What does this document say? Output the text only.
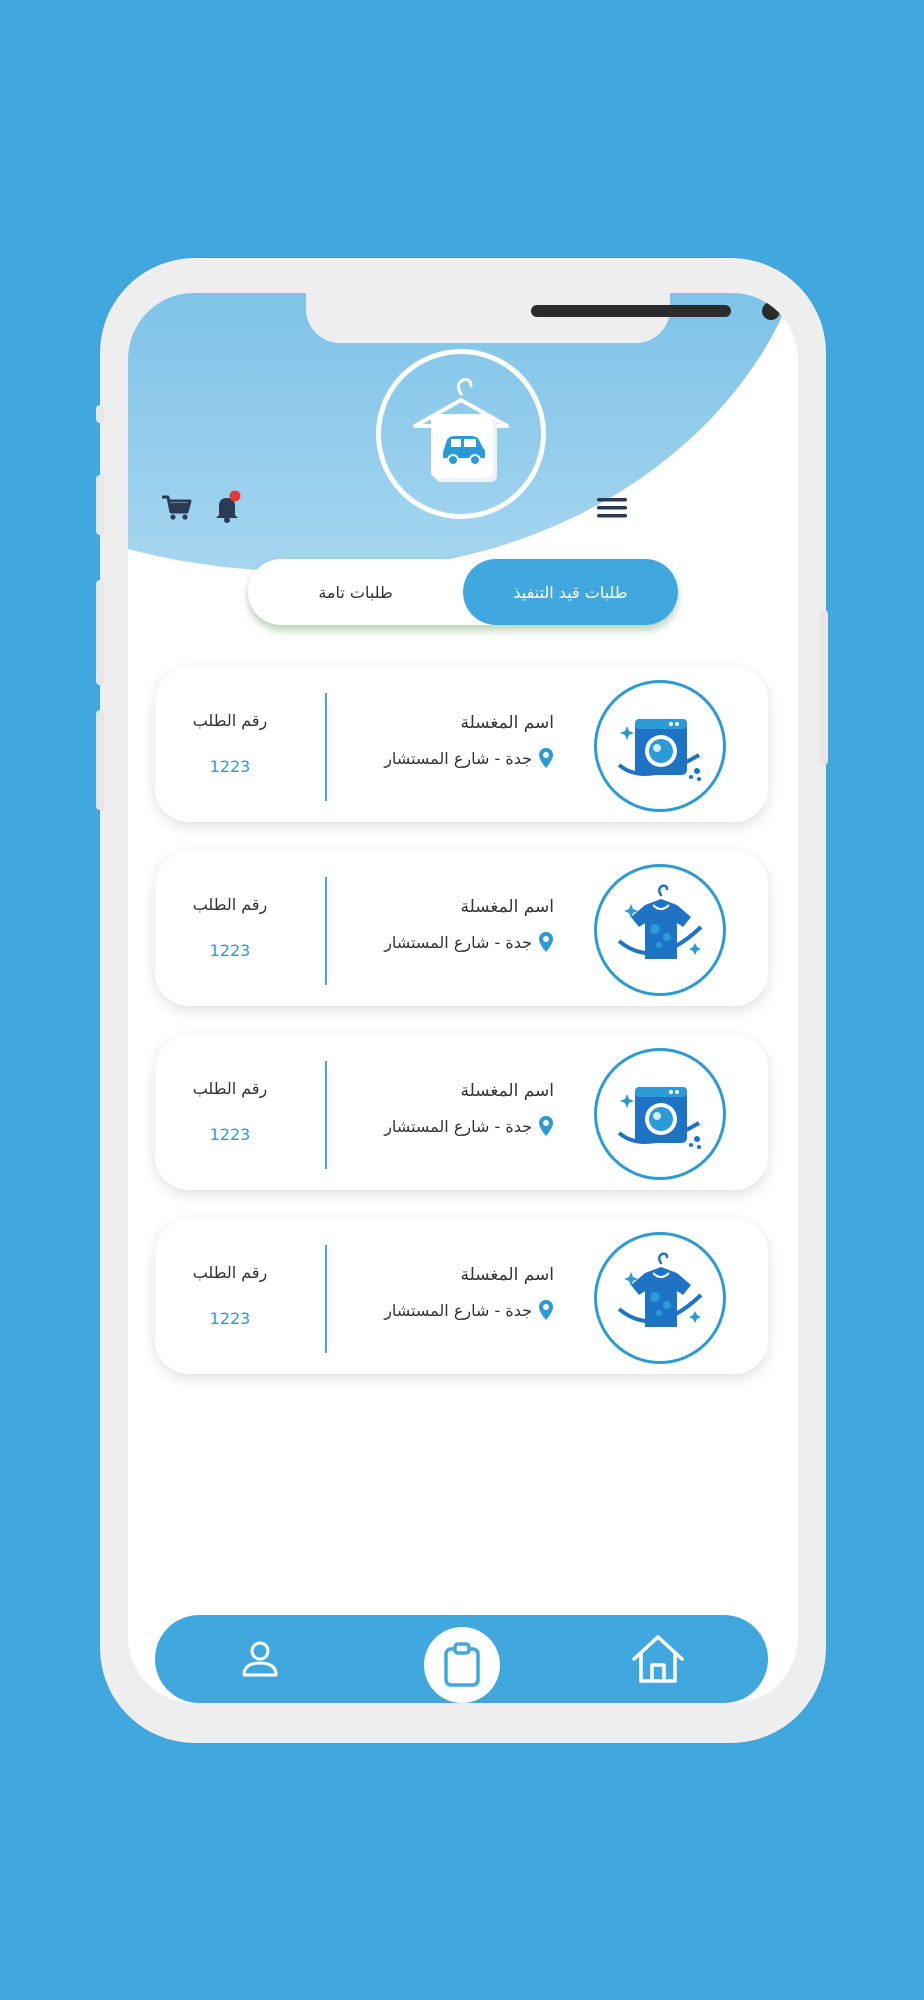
طلبات تامة	طلبات قيد التنفيذ
اسم المغسلة
جدة - شارع المستشار
رقم الطلب
1223
اسم المغسلة
جدة - شارع المستشار
رقم الطلب
1223
اسم المغسلة
جدة - شارع المستشار
رقم الطلب
1223
اسم المغسلة
جدة - شارع المستشار
رقم الطلب
1223
